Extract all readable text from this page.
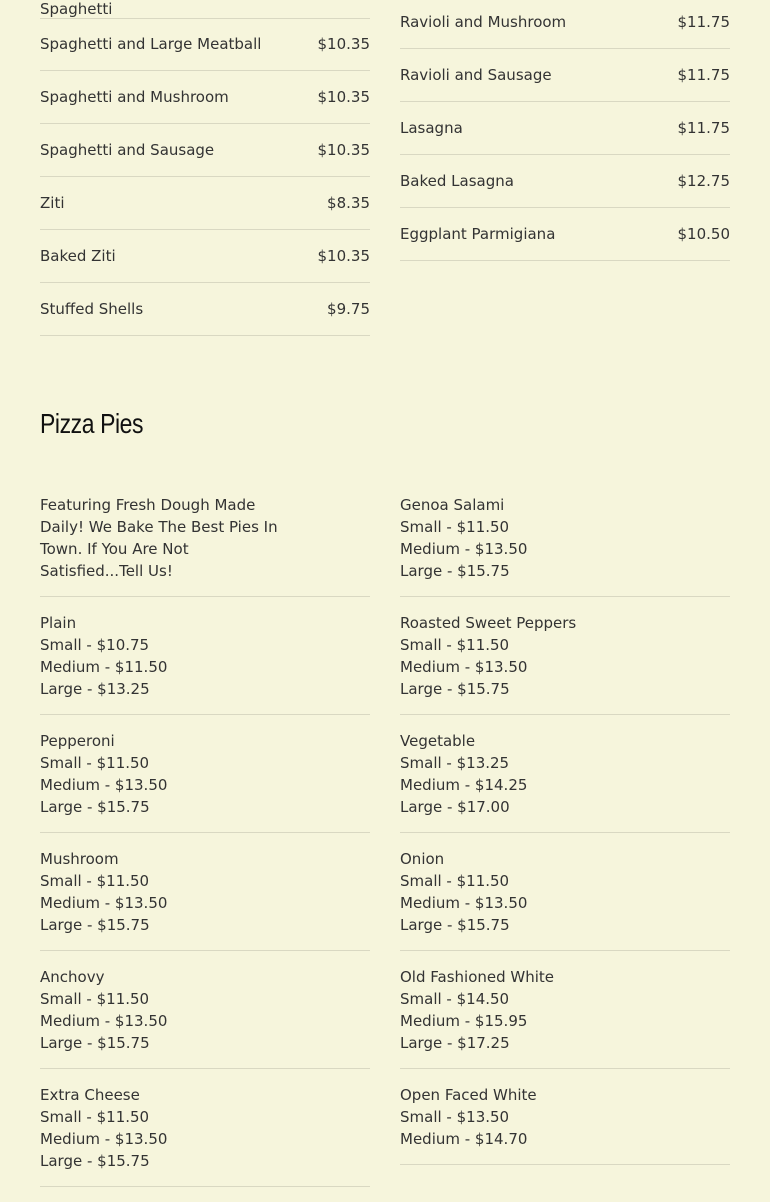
Spaghetti
Spaghetti and Large Meatball	$10.35
Spaghetti and Mushroom	$10.35
Spaghetti and Sausage	$10.35
Ziti	$8.35
Baked Ziti	$10.35
Stuffed Shells	$9.75
Ravioli and Mushroom	$11.75
Ravioli and Sausage	$11.75
Lasagna	$11.75
Baked Lasagna	$12.75
Eggplant Parmigiana	$10.50
Pizza Pies
Featuring Fresh Dough Made Daily! We Bake The Best Pies In Town. If You Are Not Satisfied...Tell Us!
Plain
Small - $10.75
Medium - $11.50
Large - $13.25
Pepperoni
Small - $11.50
Medium - $13.50
Large - $15.75
Mushroom
Small - $11.50
Medium - $13.50
Large - $15.75
Anchovy
Small - $11.50
Medium - $13.50
Large - $15.75
Extra Cheese
Small - $11.50
Medium - $13.50
Large - $15.75
Genoa Salami
Small - $11.50
Medium - $13.50
Large - $15.75
Roasted Sweet Peppers
Small - $11.50
Medium - $13.50
Large - $15.75
Vegetable
Small - $13.25
Medium - $14.25
Large - $17.00
Onion
Small - $11.50
Medium - $13.50
Large - $15.75
Old Fashioned White
Small - $14.50
Medium - $15.95
Large - $17.25
Open Faced White
Small - $13.50
Medium - $14.70
